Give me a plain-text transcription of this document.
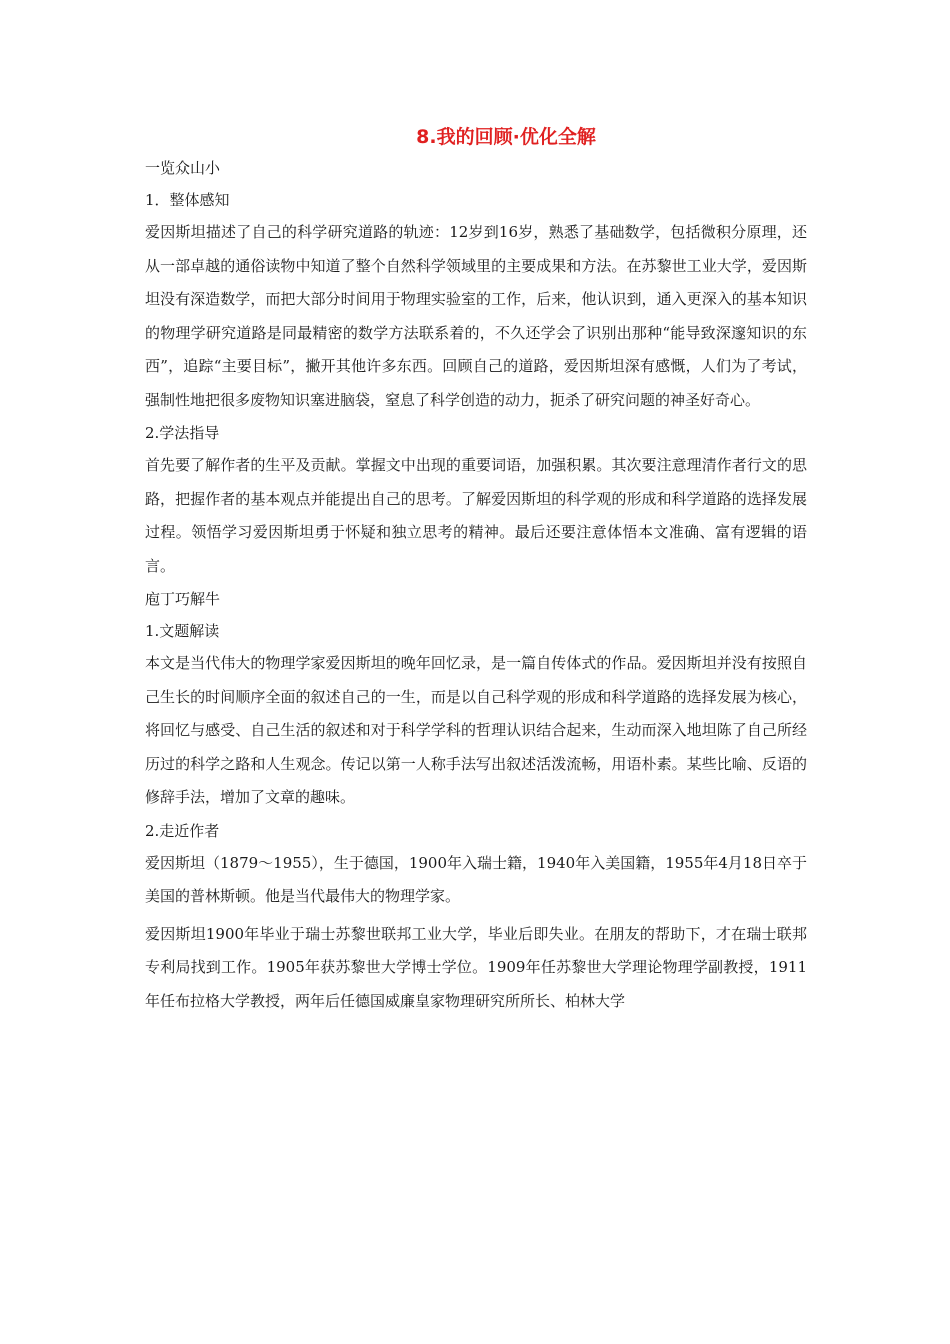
8.我的回顾·优化全解
一览众山小
1．整体感知

爱因斯坦描述了自己的科学研究道路的轨迹：12岁到16岁，熟悉了基础数学，包括微积分原理，还从一部卓越的通俗读物中知道了整个自然科学领域里的主要成果和方法。在苏黎世工业大学，爱因斯坦没有深造数学，而把大部分时间用于物理实验室的工作，后来，他认识到，通入更深入的基本知识的物理学研究道路是同最精密的数学方法联系着的，不久还学会了识别出那种“能导致深邃知识的东西”，追踪“主要目标”，撇开其他许多东西。回顾自己的道路，爱因斯坦深有感慨，人们为了考试，强制性地把很多废物知识塞进脑袋，窒息了科学创造的动力，扼杀了研究问题的神圣好奇心。

2.学法指导

首先要了解作者的生平及贡献。掌握文中出现的重要词语，加强积累。其次要注意理清作者行文的思路，把握作者的基本观点并能提出自己的思考。了解爱因斯坦的科学观的形成和科学道路的选择发展过程。领悟学习爱因斯坦勇于怀疑和独立思考的精神。最后还要注意体悟本文准确、富有逻辑的语言。

庖丁巧解牛
1.文题解读

本文是当代伟大的物理学家爱因斯坦的晚年回忆录，是一篇自传体式的作品。爱因斯坦并没有按照自己生长的时间顺序全面的叙述自己的一生，而是以自己科学观的形成和科学道路的选择发展为核心，将回忆与感受、自己生活的叙述和对于科学学科的哲理认识结合起来，生动而深入地坦陈了自己所经历过的科学之路和人生观念。传记以第一人称手法写出叙述活泼流畅，用语朴素。某些比喻、反语的修辞手法，增加了文章的趣味。

2.走近作者

爱因斯坦（1879～1955），生于德国，1900年入瑞士籍，1940年入美国籍，1955年4月18日卒于美国的普林斯顿。他是当代最伟大的物理学家。

爱因斯坦1900年毕业于瑞士苏黎世联邦工业大学，毕业后即失业。在朋友的帮助下，才在瑞士联邦专利局找到工作。1905年获苏黎世大学博士学位。1909年任苏黎世大学理论物理学副教授，1911年任布拉格大学教授，两年后任德国威廉皇家物理研究所所长、柏林大学
